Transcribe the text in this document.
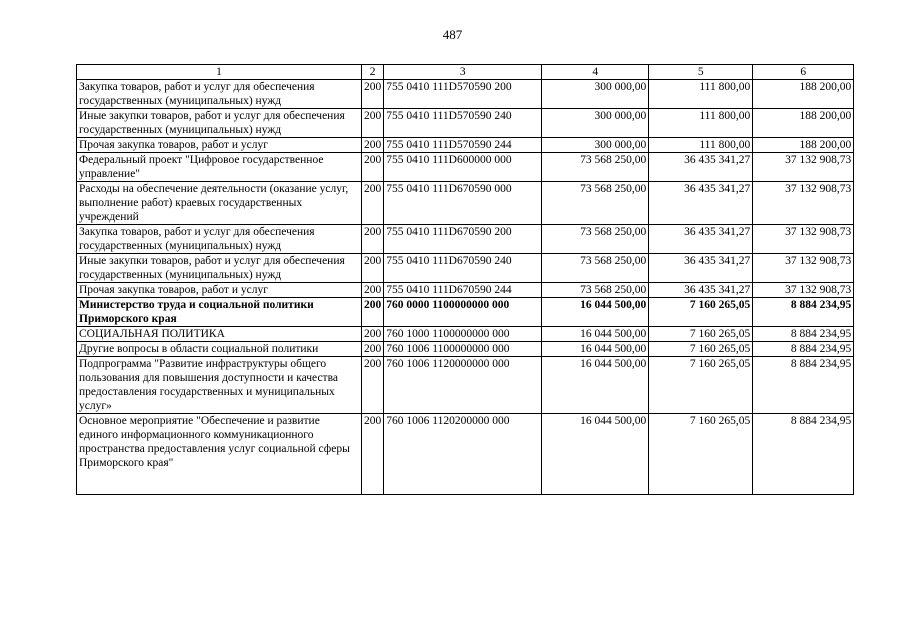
487
1	2	3	4	5	6
Закупка товаров, работ и услуг для обеспечения государственных (муниципальных) нужд	200	755 0410 111D570590 200	300 000,00	111 800,00	188 200,00
Иные закупки товаров, работ и услуг для обеспечения государственных (муниципальных) нужд	200	755 0410 111D570590 240	300 000,00	111 800,00	188 200,00
Прочая закупка товаров, работ и услуг	200	755 0410 111D570590 244	300 000,00	111 800,00	188 200,00
Федеральный проект "Цифровое государственное управление"	200	755 0410 111D600000 000	73 568 250,00	36 435 341,27	37 132 908,73
Расходы на обеспечение деятельности (оказание услуг, выполнение работ) краевых государственных учреждений	200	755 0410 111D670590 000	73 568 250,00	36 435 341,27	37 132 908,73
Закупка товаров, работ и услуг для обеспечения государственных (муниципальных) нужд	200	755 0410 111D670590 200	73 568 250,00	36 435 341,27	37 132 908,73
Иные закупки товаров, работ и услуг для обеспечения государственных (муниципальных) нужд	200	755 0410 111D670590 240	73 568 250,00	36 435 341,27	37 132 908,73
Прочая закупка товаров, работ и услуг	200	755 0410 111D670590 244	73 568 250,00	36 435 341,27	37 132 908,73
Министерство труда и социальной политики Приморского края	200	760 0000 1100000000 000	16 044 500,00	7 160 265,05	8 884 234,95
СОЦИАЛЬНАЯ ПОЛИТИКА	200	760 1000 1100000000 000	16 044 500,00	7 160 265,05	8 884 234,95
Другие вопросы в области социальной политики	200	760 1006 1100000000 000	16 044 500,00	7 160 265,05	8 884 234,95
Подпрограмма "Развитие инфраструктуры общего пользования для повышения доступности и качества предоставления государственных и муниципальных услуг»	200	760 1006 1120000000 000	16 044 500,00	7 160 265,05	8 884 234,95
Основное мероприятие "Обеспечение и развитие единого информационного коммуникационного пространства предоставления услуг социальной сферы Приморского края"	200	760 1006 1120200000 000	16 044 500,00	7 160 265,05	8 884 234,95
